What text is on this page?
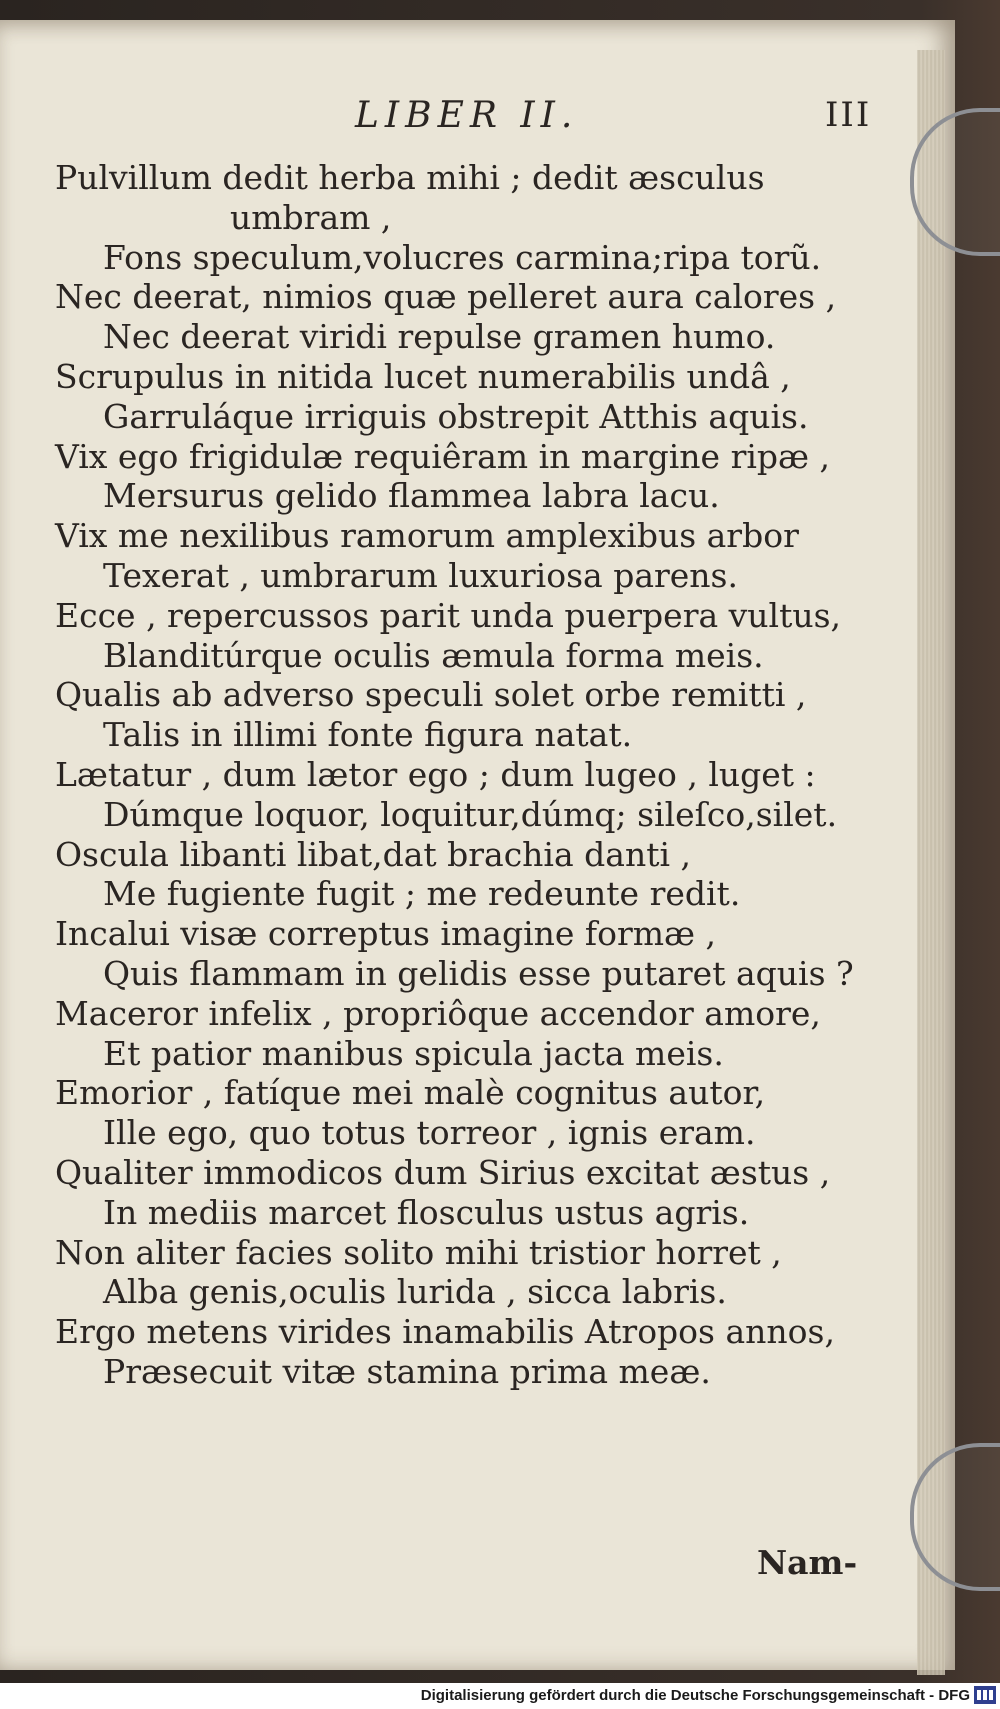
LIBER II.	III

Pulvillum dedit herba mihi ; dedit æsculus

umbram ,

Fons speculum,volucres carmina;ripa torũ.

Nec deerat, nimios quæ pelleret aura calores ,

Nec deerat viridi repulse gramen humo.

Scrupulus in nitida lucet numerabilis undâ ,

Garruláque irriguis obstrepit Atthis aquis.

Vix ego frigidulæ requiêram in margine ripæ ,

Mersurus gelido flammea labra lacu.

Vix me nexilibus ramorum amplexibus arbor

Texerat , umbrarum luxuriosa parens.

Ecce , repercussos parit unda puerpera vultus,

Blanditúrque oculis æmula forma meis.

Qualis ab adverso speculi solet orbe remitti ,

Talis in illimi fonte figura natat.

Lætatur , dum lætor ego ; dum lugeo , luget :

Dúmque loquor, loquitur,dúmq; sileſco,silet.

Oscula libanti libat,dat brachia danti ,

Me fugiente fugit ; me redeunte redit.

Incalui visæ correptus imagine formæ ,

Quis flammam in gelidis esse putaret aquis ?

Maceror infelix , propriôque accendor amore,

Et patior manibus spicula jacta meis.

Emorior , fatíque mei malè cognitus autor,

Ille ego, quo totus torreor , ignis eram.

Qualiter immodicos dum Sirius excitat æstus ,

In mediis marcet flosculus ustus agris.

Non aliter facies solito mihi tristior horret ,

Alba genis,oculis lurida , sicca labris.

Ergo metens virides inamabilis Atropos annos,

Præsecuit vitæ stamina prima meæ.

Nam-
Digitalisierung gefördert durch die Deutsche Forschungsgemeinschaft - DFG
